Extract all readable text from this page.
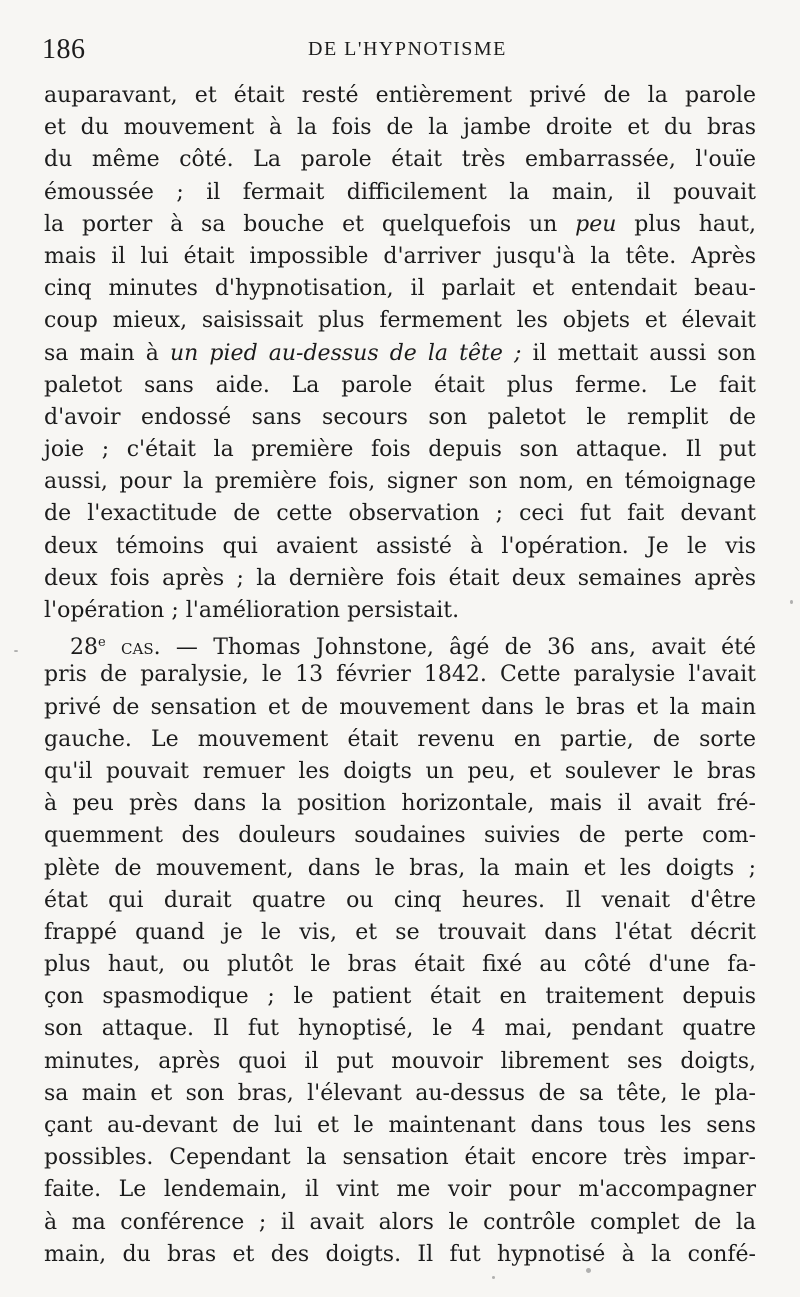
186	DE L'HYPNOTISME
auparavant, et était resté entièrement privé de la parole
et du mouvement à la fois de la jambe droite et du bras
du même côté. La parole était très embarrassée, l'ouïe
émoussée ; il fermait difficilement la main, il pouvait
la porter à sa bouche et quelquefois un peu plus haut,
mais il lui était impossible d'arriver jusqu'à la tête. Après
cinq minutes d'hypnotisation, il parlait et entendait beau-
coup mieux, saisissait plus fermement les objets et élevait
sa main à un pied au-dessus de la tête ; il mettait aussi son
paletot sans aide. La parole était plus ferme. Le fait
d'avoir endossé sans secours son paletot le remplit de
joie ; c'était la première fois depuis son attaque. Il put
aussi, pour la première fois, signer son nom, en témoignage
de l'exactitude de cette observation ; ceci fut fait devant
deux témoins qui avaient assisté à l'opération. Je le vis
deux fois après ; la dernière fois était deux semaines après
l'opération ; l'amélioration persistait.
28e cas. — Thomas Johnstone, âgé de 36 ans, avait été
pris de paralysie, le 13 février 1842. Cette paralysie l'avait
privé de sensation et de mouvement dans le bras et la main
gauche. Le mouvement était revenu en partie, de sorte
qu'il pouvait remuer les doigts un peu, et soulever le bras
à peu près dans la position horizontale, mais il avait fré-
quemment des douleurs soudaines suivies de perte com-
plète de mouvement, dans le bras, la main et les doigts ;
état qui durait quatre ou cinq heures. Il venait d'être
frappé quand je le vis, et se trouvait dans l'état décrit
plus haut, ou plutôt le bras était fixé au côté d'une fa-
çon spasmodique ; le patient était en traitement depuis
son attaque. Il fut hynoptisé, le 4 mai, pendant quatre
minutes, après quoi il put mouvoir librement ses doigts,
sa main et son bras, l'élevant au-dessus de sa tête, le pla-
çant au-devant de lui et le maintenant dans tous les sens
possibles. Cependant la sensation était encore très impar-
faite. Le lendemain, il vint me voir pour m'accompagner
à ma conférence ; il avait alors le contrôle complet de la
main, du bras et des doigts. Il fut hypnotisé à la confé-
